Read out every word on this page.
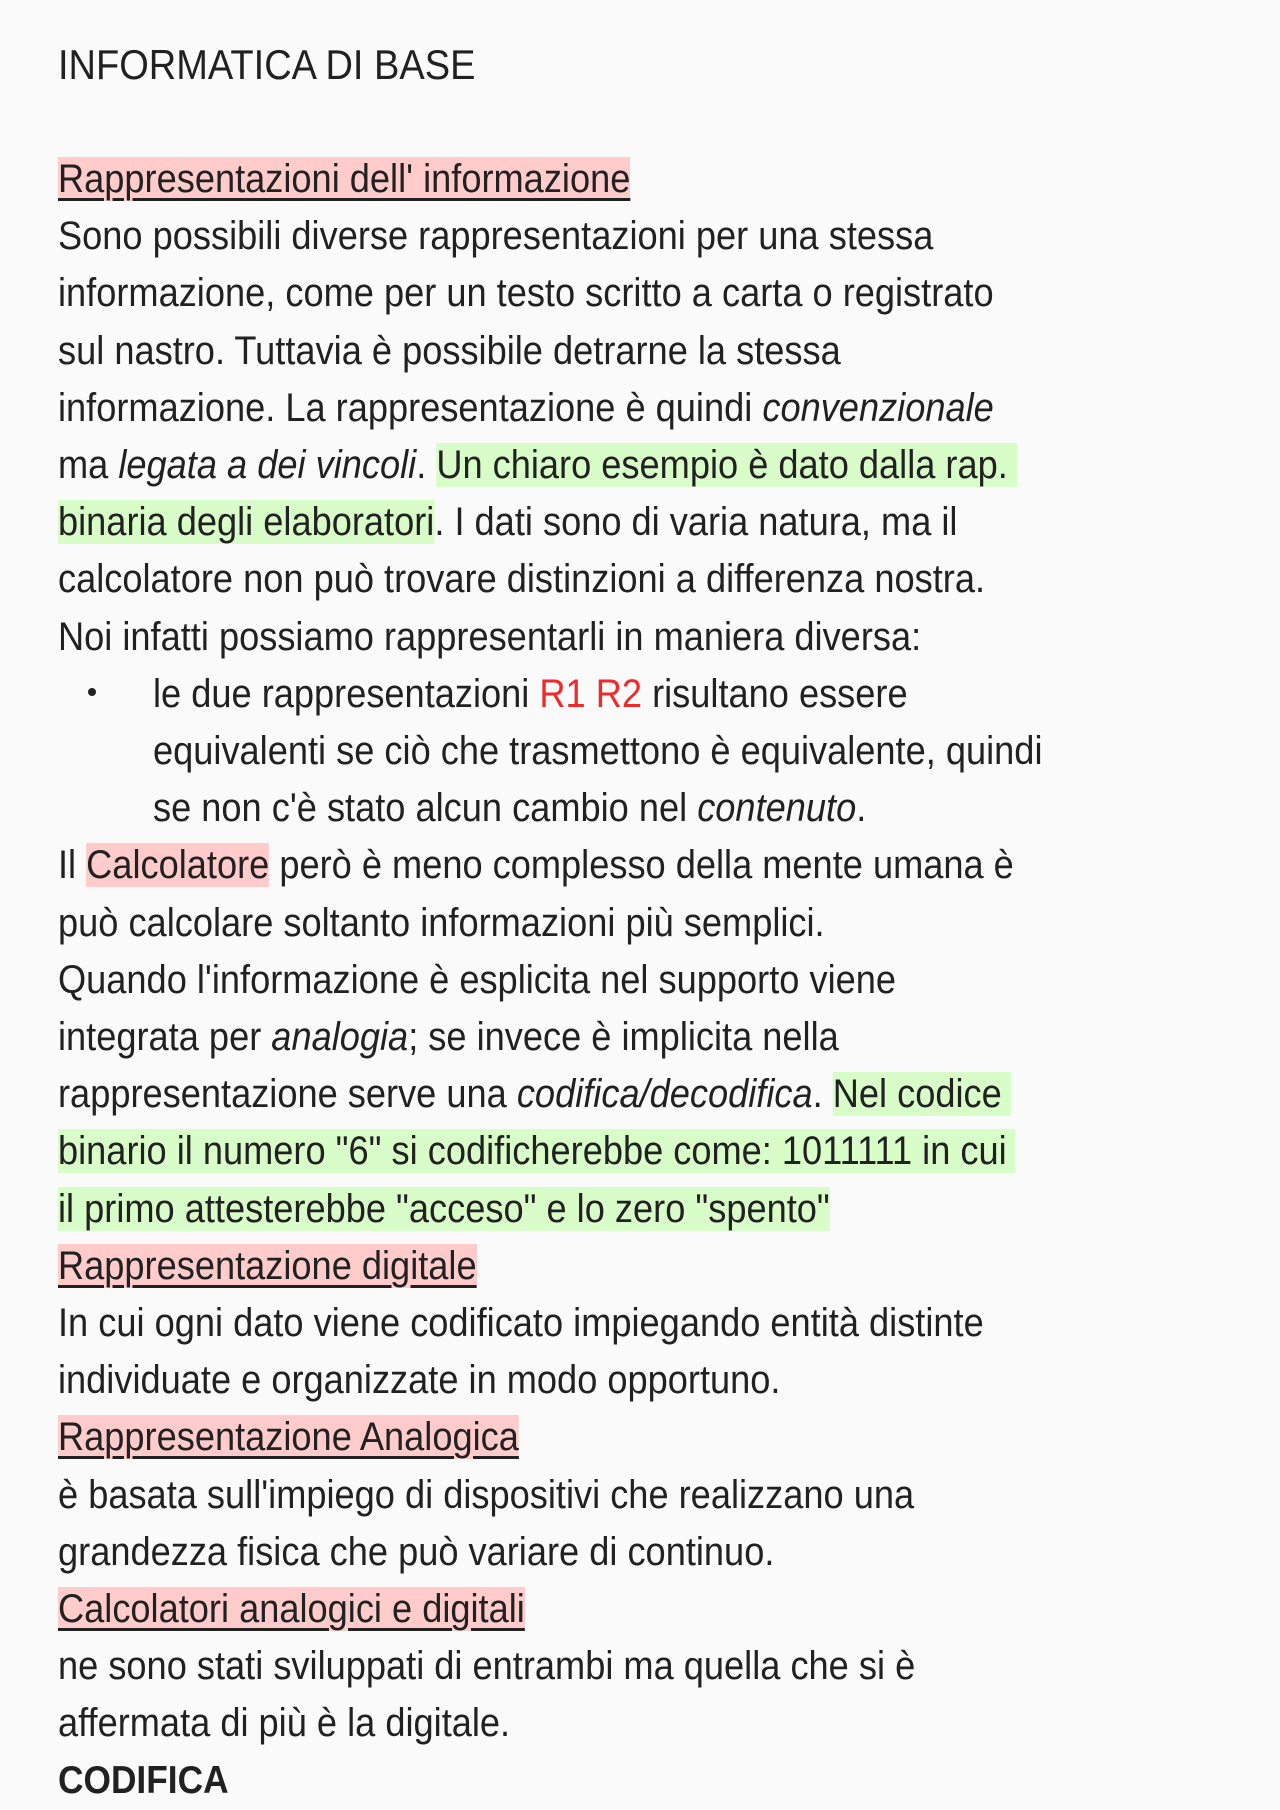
INFORMATICA DI BASE
Rappresentazioni dell' informazione
Sono possibili diverse rappresentazioni per una stessa
informazione, come per un testo scritto a carta o registrato
sul nastro. Tuttavia è possibile detrarne la stessa
informazione. La rappresentazione è quindi convenzionale
ma legata a dei vincoli. Un chiaro esempio è dato dalla rap.
binaria degli elaboratori. I dati sono di varia natura, ma il
calcolatore non può trovare distinzioni a differenza nostra.
Noi infatti possiamo rappresentarli in maniera diversa:
le due rappresentazioni R1 R2 risultano essere
equivalenti se ciò che trasmettono è equivalente, quindi
se non c'è stato alcun cambio nel contenuto.
Il Calcolatore però è meno complesso della mente umana è
può calcolare soltanto informazioni più semplici.
Quando l'informazione è esplicita nel supporto viene
integrata per analogia; se invece è implicita nella
rappresentazione serve una codifica/decodifica. Nel codice
binario il numero "6" si codificherebbe come: 1011111 in cui
il primo attesterebbe "acceso" e lo zero "spento"
Rappresentazione digitale
In cui ogni dato viene codificato impiegando entità distinte
individuate e organizzate in modo opportuno.
Rappresentazione Analogica
è basata sull'impiego di dispositivi che realizzano una
grandezza fisica che può variare di continuo.
Calcolatori analogici e digitali
ne sono stati sviluppati di entrambi ma quella che si è
affermata di più è la digitale.
CODIFICA
